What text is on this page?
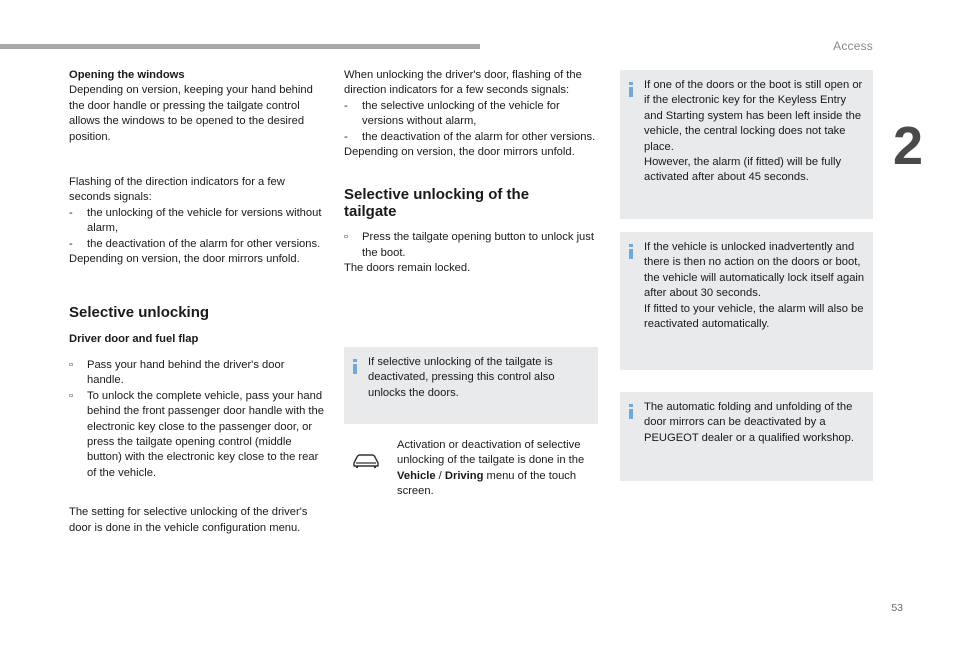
Access
2
53

Opening the windows

Depending on version, keeping your hand behind the door handle or pressing the tailgate control allows the windows to be opened to the desired position.

Flashing of the direction indicators for a few seconds signals:

- the unlocking of the vehicle for versions without alarm,
- the deactivation of the alarm for other versions.

Depending on version, the door mirrors unfold.

Selective unlocking

Driver door and fuel flap

▫ Pass your hand behind the driver's door handle.
▫ To unlock the complete vehicle, pass your hand behind the front passenger door handle with the electronic key close to the passenger door, or press the tailgate opening control (middle button) with the electronic key close to the rear of the vehicle.

The setting for selective unlocking of the driver's door is done in the vehicle configuration menu.

When unlocking the driver's door, flashing of the direction indicators for a few seconds signals:

- the selective unlocking of the vehicle for versions without alarm,
- the deactivation of the alarm for other versions.

Depending on version, the door mirrors unfold.

Selective unlocking of the
tailgate

▫ Press the tailgate opening button to unlock just the boot.

The doors remain locked.

If selective unlocking of the tailgate is deactivated, pressing this control also unlocks the doors.

Activation or deactivation of selective unlocking of the tailgate is done in the Vehicle / Driving menu of the touch screen.

If one of the doors or the boot is still open or if the electronic key for the Keyless Entry and Starting system has been left inside the vehicle, the central locking does not take place.

However, the alarm (if fitted) will be fully activated after about 45 seconds.

If the vehicle is unlocked inadvertently and there is then no action on the doors or boot, the vehicle will automatically lock itself again after about 30 seconds.

If fitted to your vehicle, the alarm will also be reactivated automatically.

The automatic folding and unfolding of the door mirrors can be deactivated by a PEUGEOT dealer or a qualified workshop.
